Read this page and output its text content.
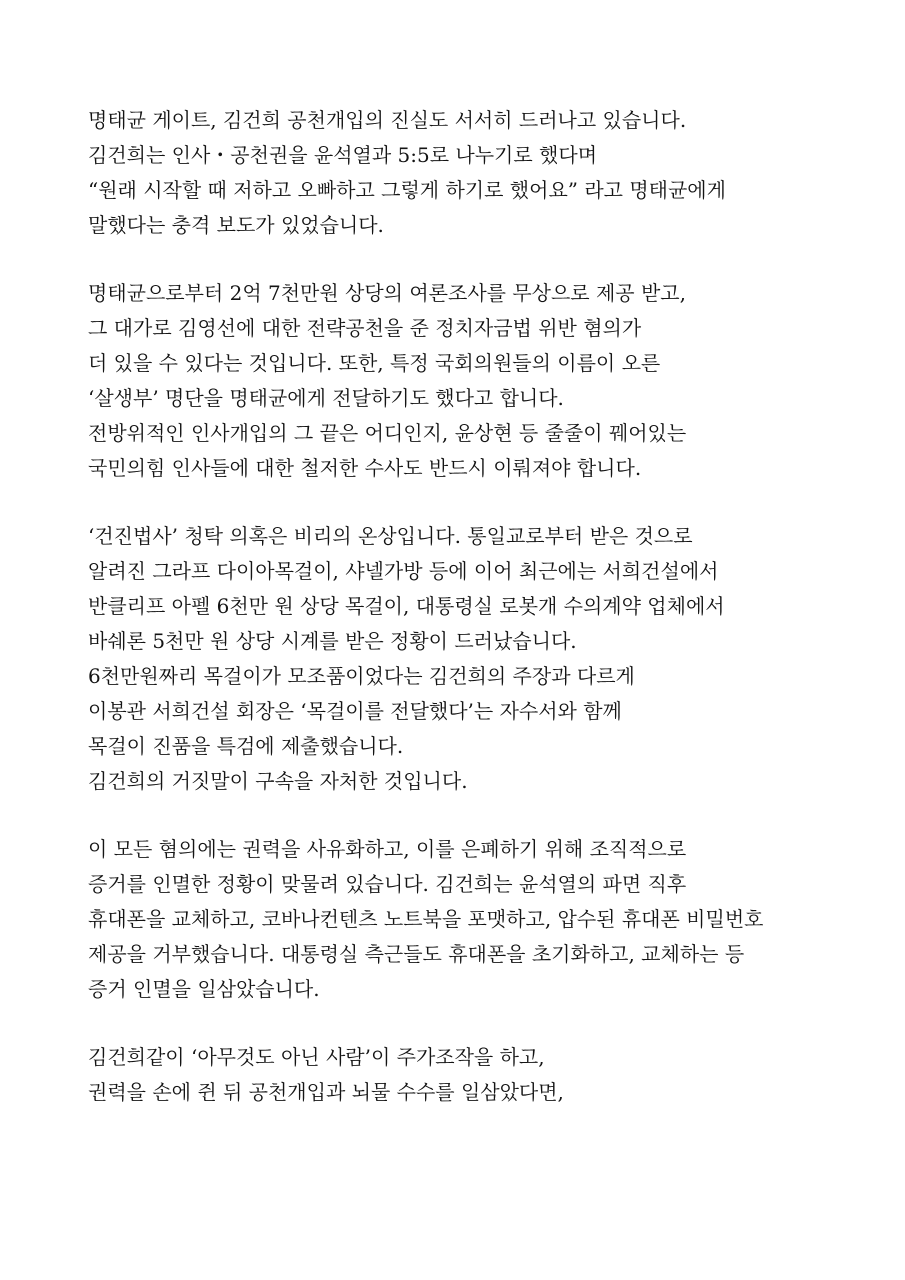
명태균 게이트, 김건희 공천개입의 진실도 서서히 드러나고 있습니다.
김건희는 인사・공천권을 윤석열과 5:5로 나누기로 했다며
“원래 시작할 때 저하고 오빠하고 그렇게 하기로 했어요” 라고 명태균에게
말했다는 충격 보도가 있었습니다.

명태균으로부터 2억 7천만원 상당의 여론조사를 무상으로 제공 받고,
그 대가로 김영선에 대한 전략공천을 준 정치자금법 위반 혐의가
더 있을 수 있다는 것입니다. 또한, 특정 국회의원들의 이름이 오른
‘살생부’ 명단을 명태균에게 전달하기도 했다고 합니다.
전방위적인 인사개입의 그 끝은 어디인지, 윤상현 등 줄줄이 꿰어있는
국민의힘 인사들에 대한 철저한 수사도 반드시 이뤄져야 합니다.

‘건진법사’ 청탁 의혹은 비리의 온상입니다. 통일교로부터 받은 것으로
알려진 그라프 다이아목걸이, 샤넬가방 등에 이어 최근에는 서희건설에서
반클리프 아펠 6천만 원 상당 목걸이, 대통령실 로봇개 수의계약 업체에서
바쉐론 5천만 원 상당 시계를 받은 정황이 드러났습니다.
6천만원짜리 목걸이가 모조품이었다는 김건희의 주장과 다르게
이봉관 서희건설 회장은 ‘목걸이를 전달했다’는 자수서와 함께
목걸이 진품을 특검에 제출했습니다.
김건희의 거짓말이 구속을 자처한 것입니다.

이 모든 혐의에는 권력을 사유화하고, 이를 은폐하기 위해 조직적으로
증거를 인멸한 정황이 맞물려 있습니다. 김건희는 윤석열의 파면 직후
휴대폰을 교체하고, 코바나컨텐츠 노트북을 포맷하고, 압수된 휴대폰 비밀번호
제공을 거부했습니다. 대통령실 측근들도 휴대폰을 초기화하고, 교체하는 등
증거 인멸을 일삼았습니다.

김건희같이 ‘아무것도 아닌 사람’이 주가조작을 하고,
권력을 손에 쥔 뒤 공천개입과 뇌물 수수를 일삼았다면,
